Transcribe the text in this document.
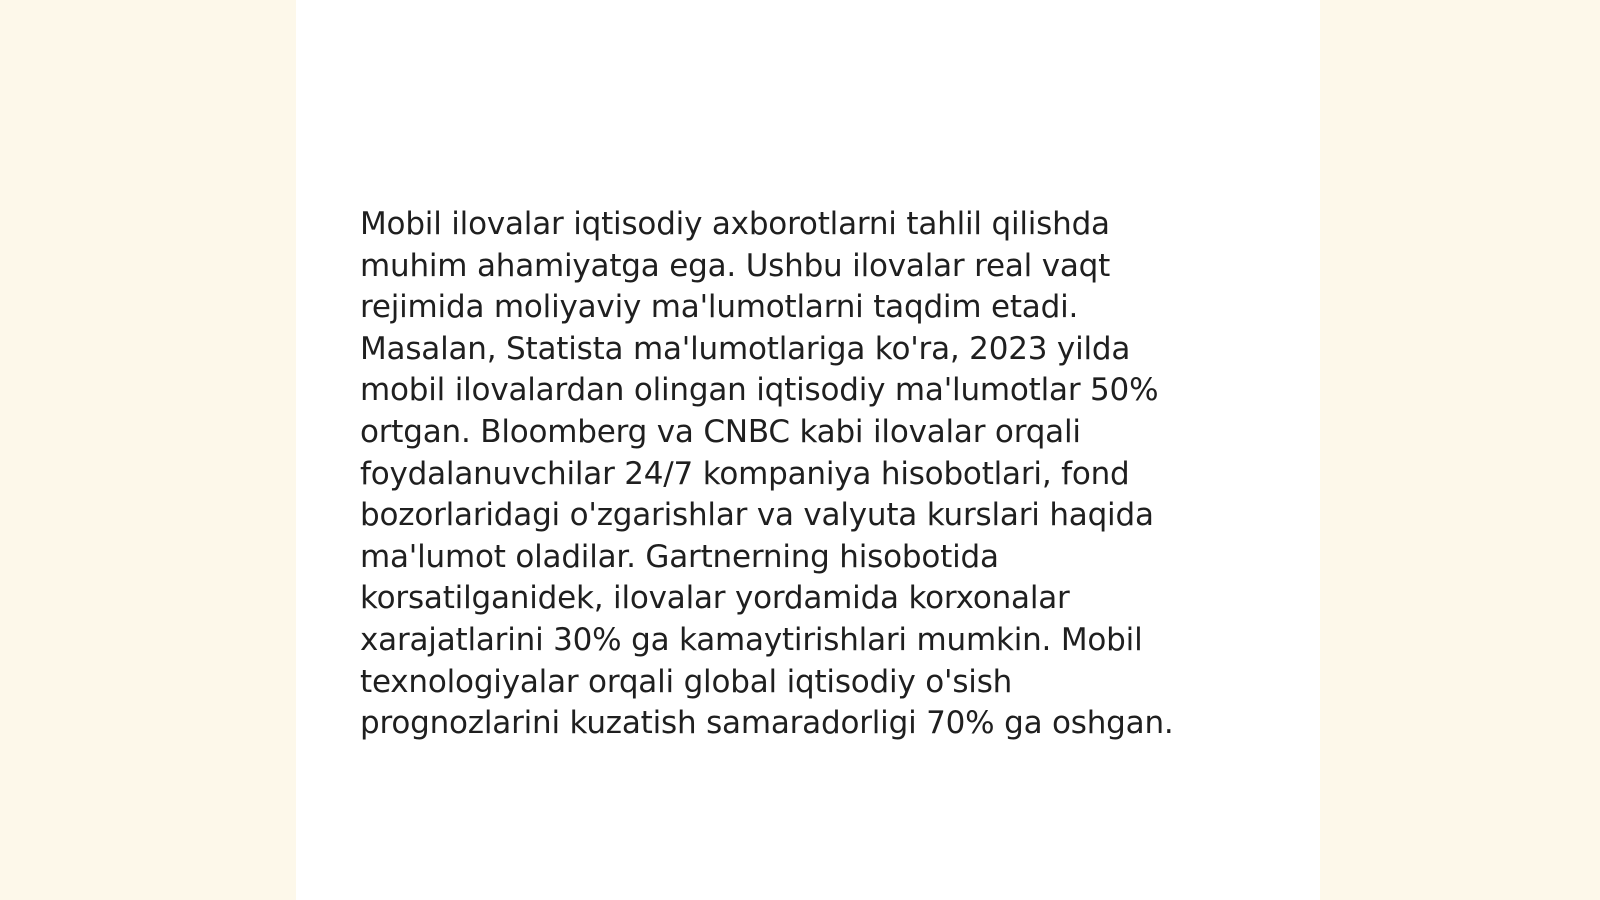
Mobil ilovalar iqtisodiy axborotlarni tahlil qilishda
muhim ahamiyatga ega. Ushbu ilovalar real vaqt
rejimida moliyaviy ma'lumotlarni taqdim etadi.
Masalan, Statista ma'lumotlariga ko'ra, 2023 yilda
mobil ilovalardan olingan iqtisodiy ma'lumotlar 50%
ortgan. Bloomberg va CNBC kabi ilovalar orqali
foydalanuvchilar 24/7 kompaniya hisobotlari, fond
bozorlaridagi o'zgarishlar va valyuta kurslari haqida
ma'lumot oladilar. Gartnerning hisobotida
korsatilganidek, ilovalar yordamida korxonalar
xarajatlarini 30% ga kamaytirishlari mumkin. Mobil
texnologiyalar orqali global iqtisodiy o'sish
prognozlarini kuzatish samaradorligi 70% ga oshgan.
